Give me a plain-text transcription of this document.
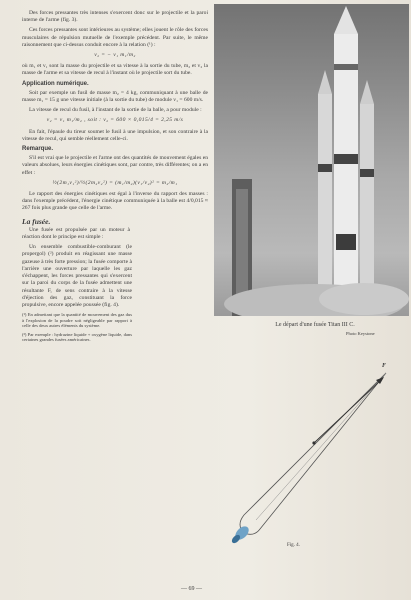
Des forces pressantes très intenses s'exercent donc sur le projectile et la paroi interne de l'arme (fig. 3).

Ces forces pressantes sont intérieures au système; elles jouent le rôle des forces musculaires de répulsion mutuelle de l'exemple précédent. Par suite, le même raisonnement que ci-dessus conduit encore à la relation (¹) :

v₂ = − v₁ m₁/m₂

où m₁ et v₁ sont la masse du projectile et sa vitesse à la sortie du tube, m₂ et v₂ la masse de l'arme et sa vitesse de recul à l'instant où le projectile sort du tube.

Application numérique.

Soit par exemple un fusil de masse m₂ = 4 kg, communiquant à une balle de masse m₁ = 15 g une vitesse initiale (à la sortie du tube) de module v₁ = 600 m/s.

La vitesse de recul du fusil, à l'instant de la sortie de la balle, a pour module :

v₂ = v₁ m₁/m₂ , soit : v₂ = 600 × 0,015/4 = 2,25 m/s

En fait, l'épaule du tireur soumet le fusil à une impulsion, et son contraire à la vitesse de recul, qui semble réellement celle-ci.

Remarque.

S'il est vrai que le projectile et l'arme ont des quantités de mouvement égales en valeurs absolues, leurs énergies cinétiques sont, par contre, très différentes; on a en effet :

½(2m₁v₁²)/½(2m₂v₂²) = (m₁/m₂)(v₁/v₂)² = m₂/m₁

Le rapport des énergies cinétiques est égal à l'inverse du rapport des masses : dans l'exemple précédent, l'énergie cinétique communiquée à la balle est 4/0,015 ≈ 267 fois plus grande que celle de l'arme.

La fusée.

Une fusée est propulsée par un moteur à réaction dont le principe est simple :

Un ensemble combustible-comburant (le propergol) (²) produit en réagissant une masse gazeuse à très forte pression; la fusée comporte à l'arrière une ouverture par laquelle les gaz s'échappent, les forces pressantes qui s'exercent sur la paroi du corps de la fusée admettent une résultante F, de sens contraire à la vitesse d'éjection des gaz, constituant la force propulsive, encore appelée poussée (fig. 4).

(¹) En admettant que la quantité de mouvement des gaz dus à l'explosion de la poudre soit négligeable par rapport à celle des deux autres éléments du système.

(²) Par exemple : hydrazine liquide + oxygène liquide, dans certaines grandes fusées américaines.

Le départ d'une fusée Titan III C.
Photo Keystone
F
Fig. 4.
— 69 —
